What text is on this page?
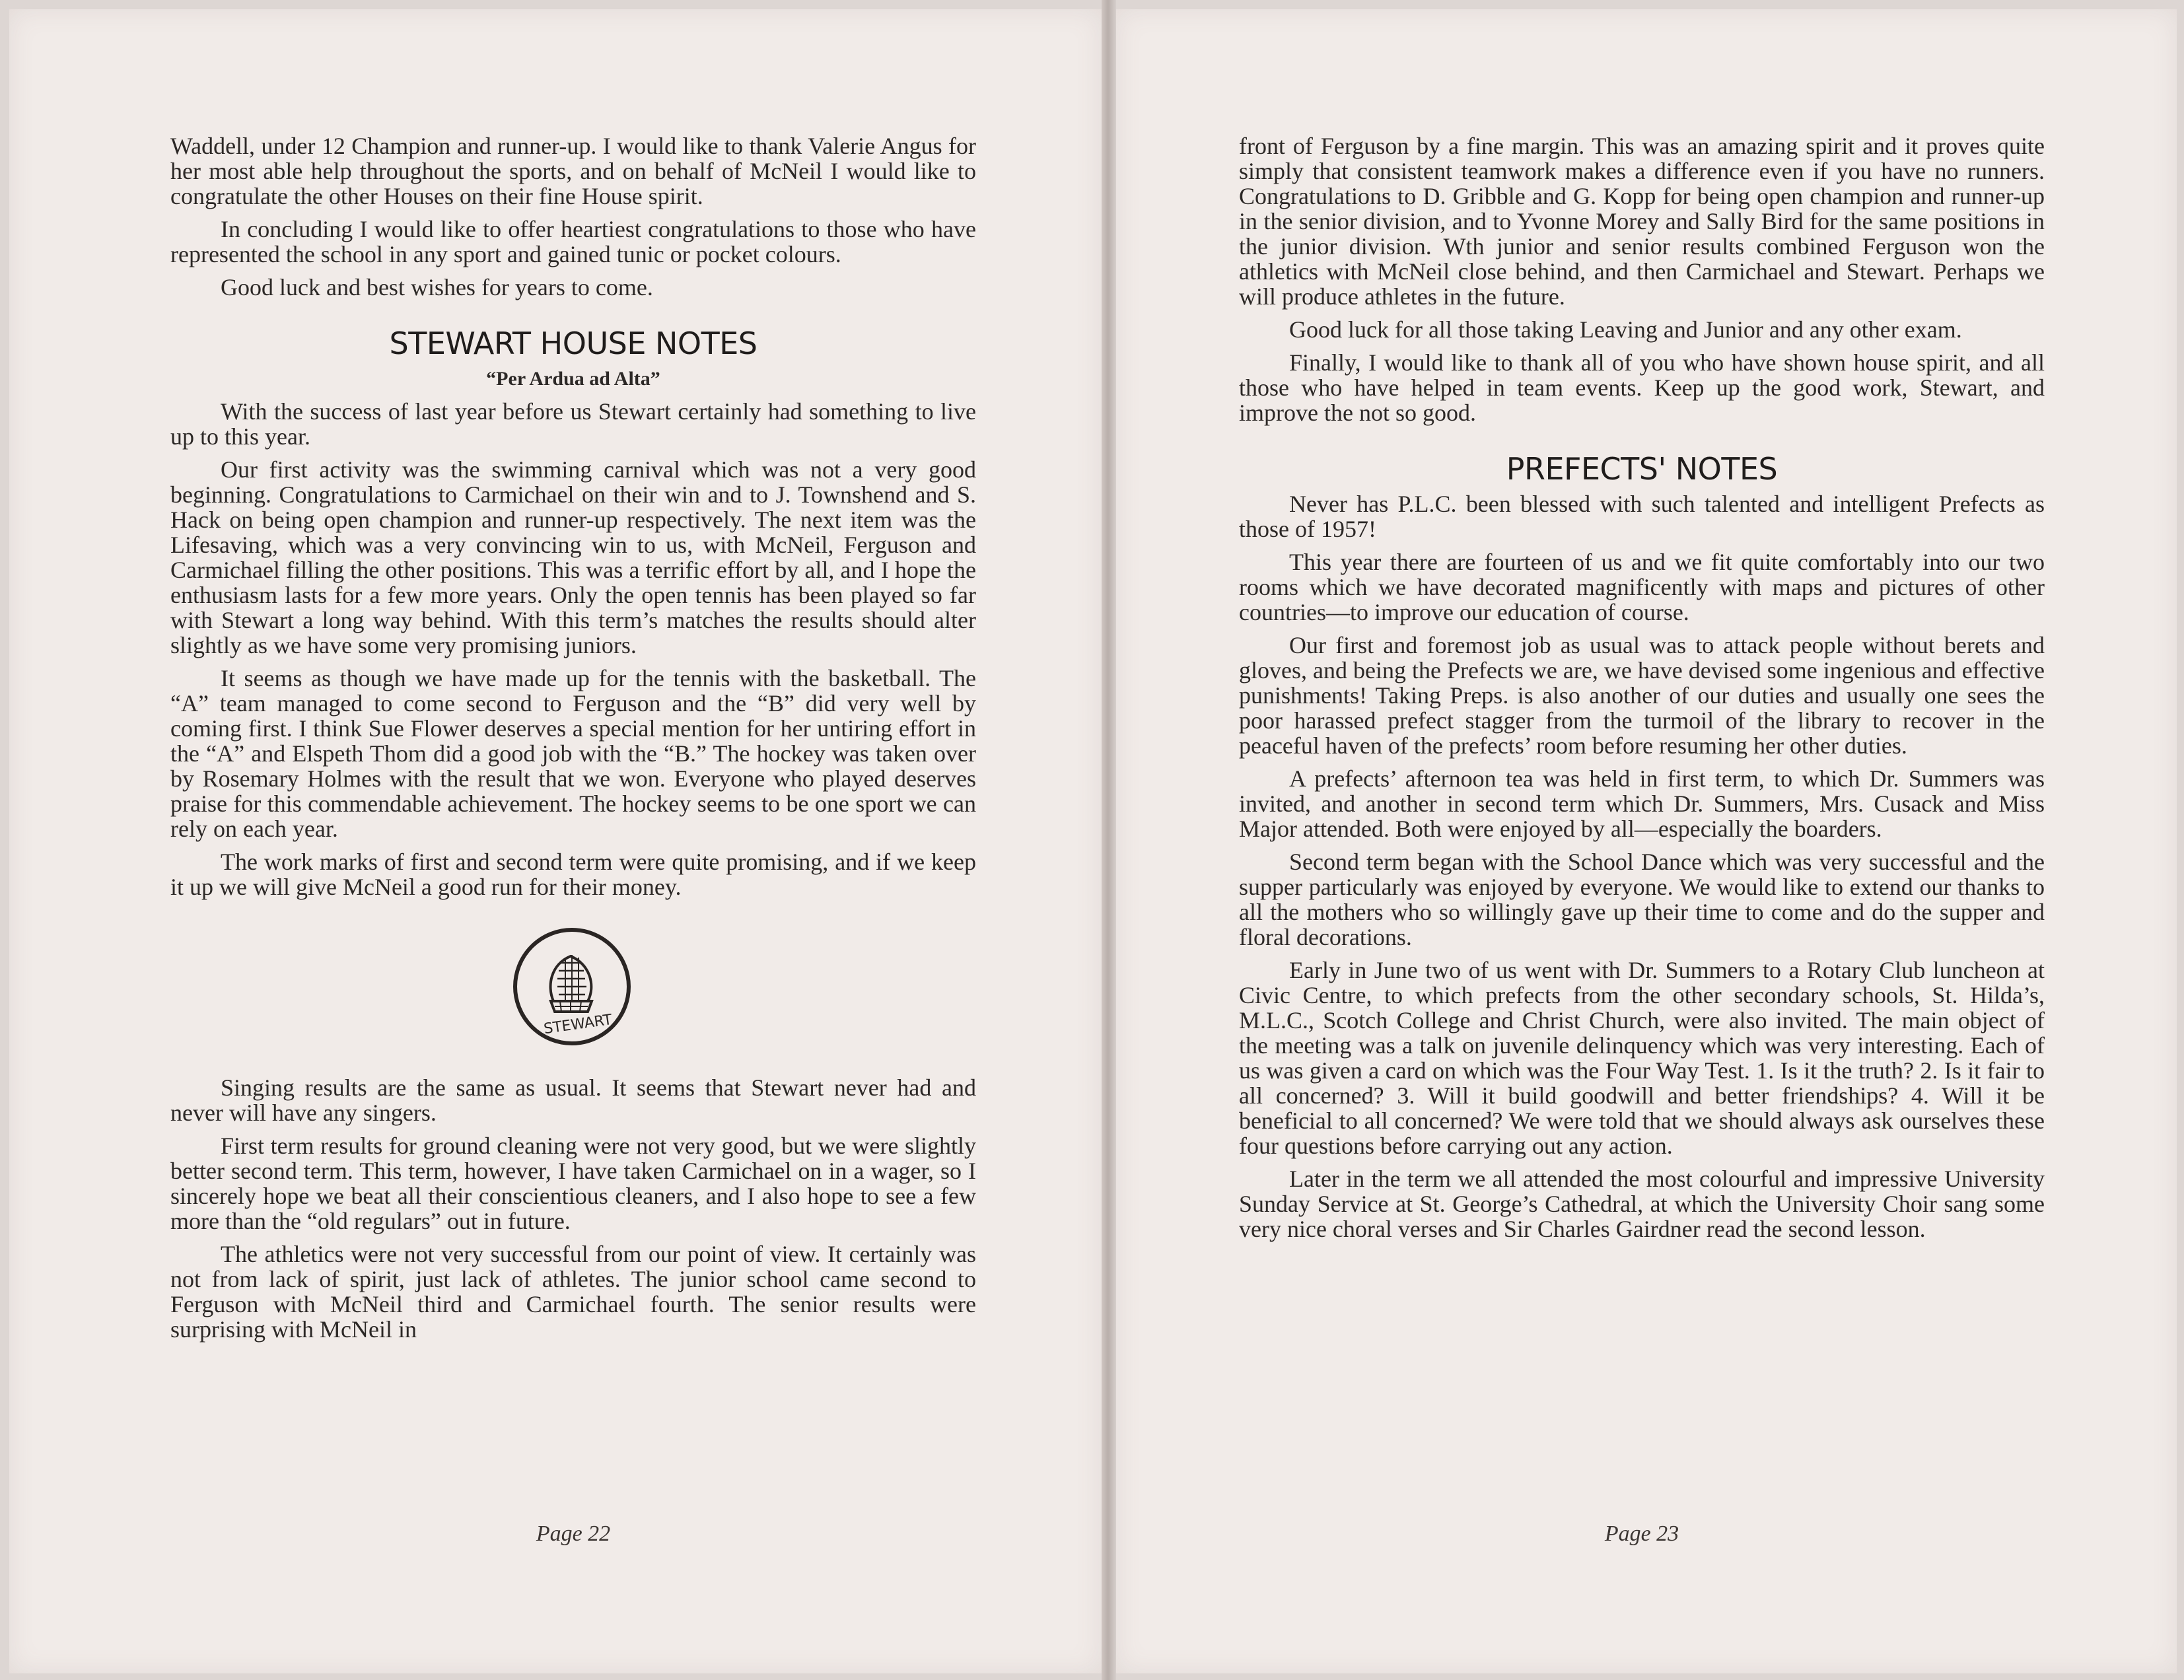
Waddell, under 12 Champion and runner-up. I would like to thank Valerie Angus for her most able help throughout the sports, and on behalf of McNeil I would like to congratulate the other Houses on their fine House spirit.

In concluding I would like to offer heartiest congratulations to those who have represented the school in any sport and gained tunic or pocket colours.

Good luck and best wishes for years to come.

STEWART HOUSE NOTES
“Per Ardua ad Alta”

With the success of last year before us Stewart certainly had something to live up to this year.

Our first activity was the swimming carnival which was not a very good beginning. Congratulations to Carmichael on their win and to J. Townshend and S. Hack on being open champion and runner-up respectively. The next item was the Lifesaving, which was a very convincing win to us, with McNeil, Ferguson and Carmichael filling the other positions. This was a terrific effort by all, and I hope the enthusiasm lasts for a few more years. Only the open tennis has been played so far with Stewart a long way behind. With this term’s matches the results should alter slightly as we have some very promising juniors.

It seems as though we have made up for the tennis with the basketball. The “A” team managed to come second to Ferguson and the “B” did very well by coming first. I think Sue Flower deserves a special mention for her untiring effort in the “A” and Elspeth Thom did a good job with the “B.” The hockey was taken over by Rosemary Holmes with the result that we won. Everyone who played deserves praise for this commendable achievement. The hockey seems to be one sport we can rely on each year.

The work marks of first and second term were quite promising, and if we keep it up we will give McNeil a good run for their money.

STEWART

Singing results are the same as usual. It seems that Stewart never had and never will have any singers.

First term results for ground cleaning were not very good, but we were slightly better second term. This term, however, I have taken Carmichael on in a wager, so I sincerely hope we beat all their conscientious cleaners, and I also hope to see a few more than the “old regulars” out in future.

The athletics were not very successful from our point of view. It certainly was not from lack of spirit, just lack of athletes. The junior school came second to Ferguson with McNeil third and Carmichael fourth. The senior results were surprising with McNeil in

Page 22

front of Ferguson by a fine margin. This was an amazing spirit and it proves quite simply that consistent teamwork makes a difference even if you have no runners. Congratulations to D. Gribble and G. Kopp for being open champion and runner-up in the senior division, and to Yvonne Morey and Sally Bird for the same positions in the junior division. Wth junior and senior results combined Ferguson won the athletics with McNeil close behind, and then Carmichael and Stewart. Perhaps we will produce athletes in the future.

Good luck for all those taking Leaving and Junior and any other exam.

Finally, I would like to thank all of you who have shown house spirit, and all those who have helped in team events. Keep up the good work, Stewart, and improve the not so good.

PREFECTS' NOTES

Never has P.L.C. been blessed with such talented and intelligent Prefects as those of 1957!

This year there are fourteen of us and we fit quite comfortably into our two rooms which we have decorated magnificently with maps and pictures of other countries—to improve our education of course.

Our first and foremost job as usual was to attack people without berets and gloves, and being the Prefects we are, we have devised some ingenious and effective punishments! Taking Preps. is also another of our duties and usually one sees the poor harassed prefect stagger from the turmoil of the library to recover in the peaceful haven of the prefects’ room before resuming her other duties.

A prefects’ afternoon tea was held in first term, to which Dr. Summers was invited, and another in second term which Dr. Summers, Mrs. Cusack and Miss Major attended. Both were enjoyed by all—especially the boarders.

Second term began with the School Dance which was very successful and the supper particularly was enjoyed by everyone. We would like to extend our thanks to all the mothers who so willingly gave up their time to come and do the supper and floral decorations.

Early in June two of us went with Dr. Summers to a Rotary Club luncheon at Civic Centre, to which prefects from the other secondary schools, St. Hilda’s, M.L.C., Scotch College and Christ Church, were also invited. The main object of the meeting was a talk on juvenile delinquency which was very interesting. Each of us was given a card on which was the Four Way Test. 1. Is it the truth? 2. Is it fair to all concerned? 3. Will it build goodwill and better friendships? 4. Will it be beneficial to all concerned? We were told that we should always ask ourselves these four questions before carrying out any action.

Later in the term we all attended the most colourful and impressive University Sunday Service at St. George’s Cathedral, at which the University Choir sang some very nice choral verses and Sir Charles Gairdner read the second lesson.

Page 23
